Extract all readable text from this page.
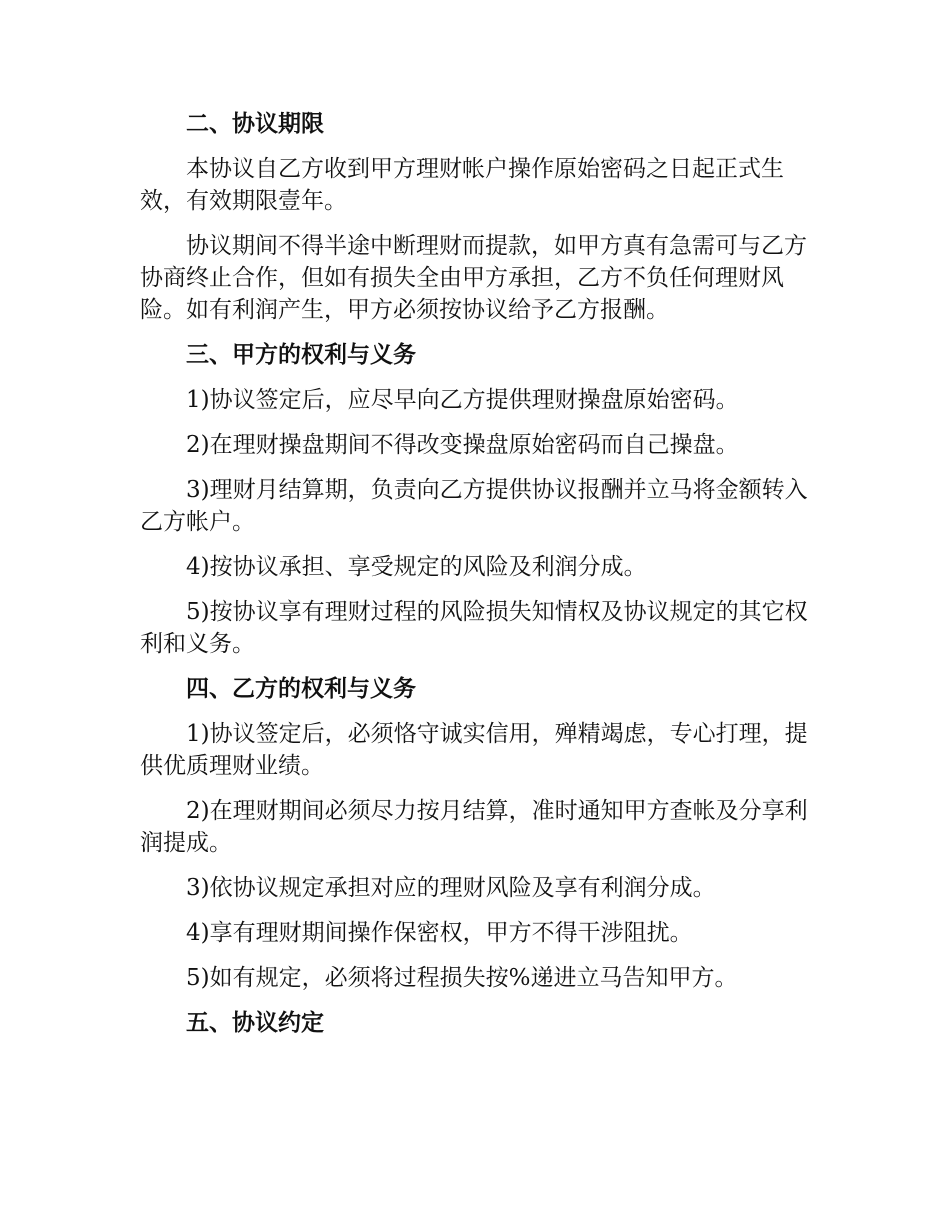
二、协议期限

本协议自乙方收到甲方理财帐户操作原始密码之日起正式生效，有效期限壹年。

协议期间不得半途中断理财而提款，如甲方真有急需可与乙方协商终止合作，但如有损失全由甲方承担，乙方不负任何理财风险。如有利润产生，甲方必须按协议给予乙方报酬。

三、甲方的权利与义务

1)协议签定后，应尽早向乙方提供理财操盘原始密码。

2)在理财操盘期间不得改变操盘原始密码而自己操盘。

3)理财月结算期，负责向乙方提供协议报酬并立马将金额转入乙方帐户。

4)按协议承担、享受规定的风险及利润分成。

5)按协议享有理财过程的风险损失知情权及协议规定的其它权利和义务。

四、乙方的权利与义务

1)协议签定后，必须恪守诚实信用，殚精竭虑，专心打理，提供优质理财业绩。

2)在理财期间必须尽力按月结算，准时通知甲方查帐及分享利润提成。

3)依协议规定承担对应的理财风险及享有利润分成。

4)享有理财期间操作保密权，甲方不得干涉阻扰。

5)如有规定，必须将过程损失按%递进立马告知甲方。

五、协议约定
